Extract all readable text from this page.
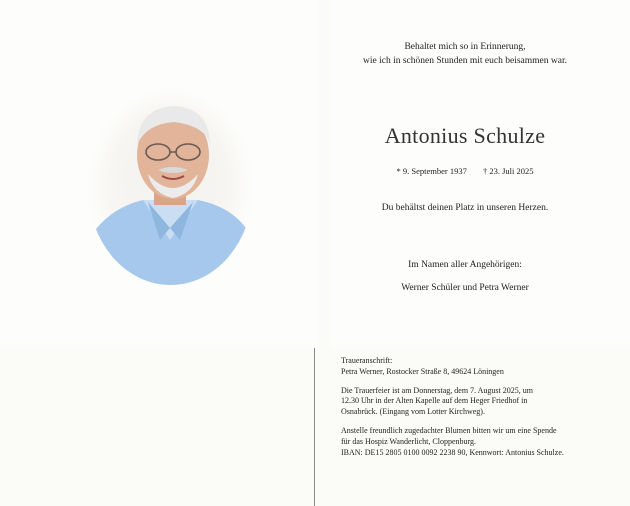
Behaltet mich so in Erinnerung,
wie ich in schönen Stunden mit euch beisammen war.
Antonius Schulze
* 9. September 1937 † 23. Juli 2025
Du behältst deinen Platz in unseren Herzen.
Im Namen aller Angehörigen:
Werner Schüler und Petra Werner

Traueranschrift:
Petra Werner, Rostocker Straße 8, 49624 Löningen

Die Trauerfeier ist am Donnerstag, dem 7. August 2025, um
12.30 Uhr in der Alten Kapelle auf dem Heger Friedhof in
Osnabrück. (Eingang vom Lotter Kirchweg).

Anstelle freundlich zugedachter Blumen bitten wir um eine Spende
für das Hospiz Wanderlicht, Cloppenburg.
IBAN: DE15 2805 0100 0092 2238 90, Kennwort: Antonius Schulze.
